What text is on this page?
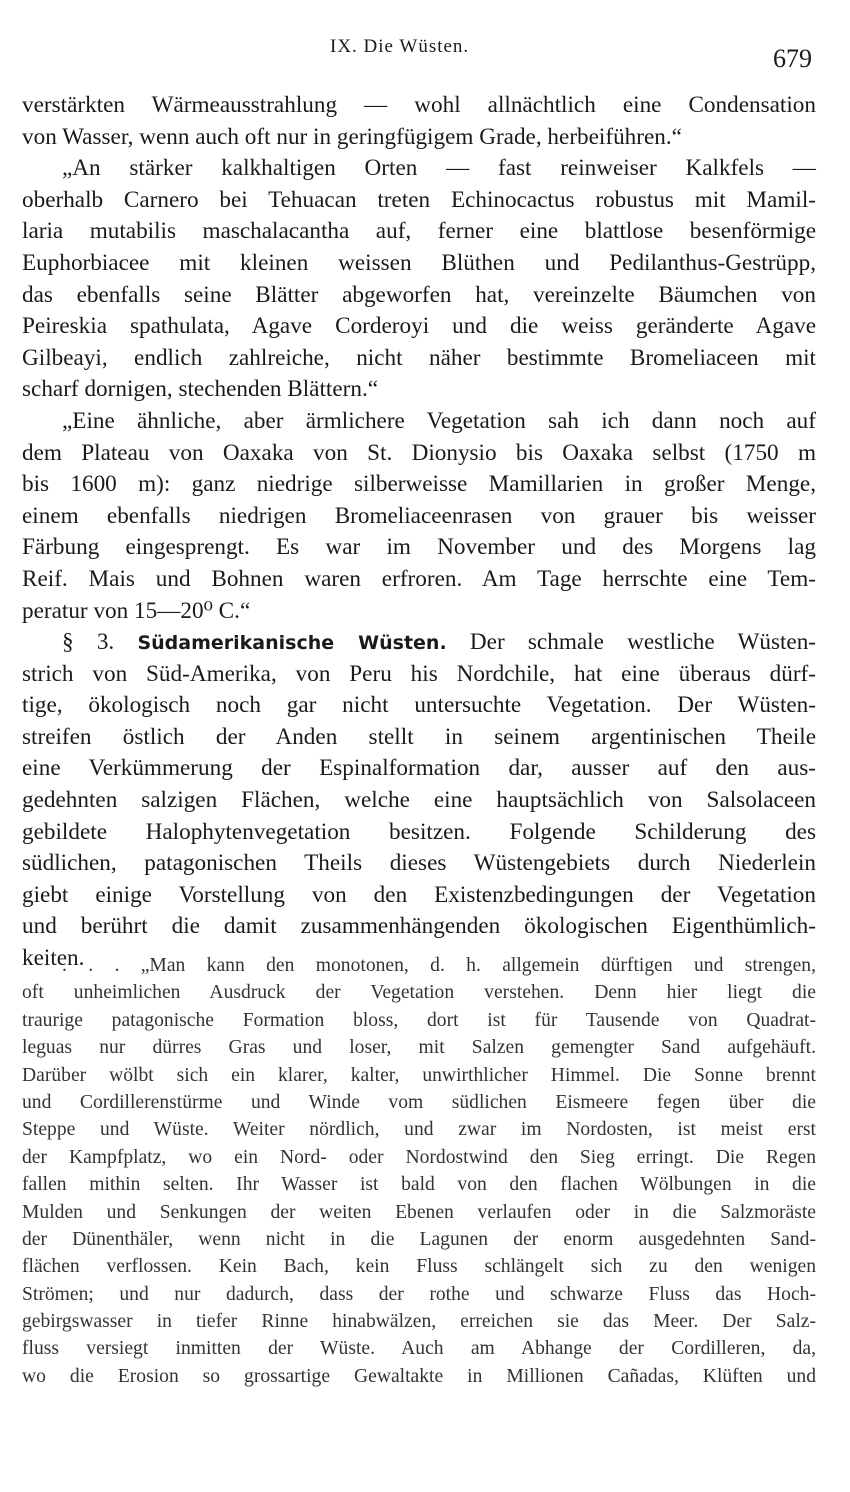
IX. Die Wüsten.	679
verstärkten Wärmeausstrahlung — wohl allnächtlich eine Condensation
von Wasser, wenn auch oft nur in geringfügigem Grade, herbeiführen.“
„An stärker kalkhaltigen Orten — fast reinweiser Kalkfels —
oberhalb Carnero bei Tehuacan treten Echinocactus robustus mit Mamil-
laria mutabilis maschalacantha auf, ferner eine blattlose besenförmige
Euphorbiacee mit kleinen weissen Blüthen und Pedilanthus-Gestrüpp,
das ebenfalls seine Blätter abgeworfen hat, vereinzelte Bäumchen von
Peireskia spathulata, Agave Corderoyi und die weiss geränderte Agave
Gilbeayi, endlich zahlreiche, nicht näher bestimmte Bromeliaceen mit
scharf dornigen, stechenden Blättern.“
„Eine ähnliche, aber ärmlichere Vegetation sah ich dann noch auf
dem Plateau von Oaxaka von St. Dionysio bis Oaxaka selbst (1750 m
bis 1600 m): ganz niedrige silberweisse Mamillarien in großer Menge,
einem ebenfalls niedrigen Bromeliaceenrasen von grauer bis weisser
Färbung eingesprengt. Es war im November und des Morgens lag
Reif. Mais und Bohnen waren erfroren. Am Tage herrschte eine Tem-
peratur von 15—20⁰ C.“
§ 3. Südamerikanische Wüsten. Der schmale westliche Wüsten-
strich von Süd-Amerika, von Peru his Nordchile, hat eine überaus dürf-
tige, ökologisch noch gar nicht untersuchte Vegetation. Der Wüsten-
streifen östlich der Anden stellt in seinem argentinischen Theile
eine Verkümmerung der Espinalformation dar, ausser auf den aus-
gedehnten salzigen Flächen, welche eine hauptsächlich von Salsolaceen
gebildete Halophytenvegetation besitzen. Folgende Schilderung des
südlichen, patagonischen Theils dieses Wüstengebiets durch Niederlein
giebt einige Vorstellung von den Existenzbedingungen der Vegetation
und berührt die damit zusammenhängenden ökologischen Eigenthümlich-
keiten.
. . . „Man kann den monotonen, d. h. allgemein dürftigen und strengen,
oft unheimlichen Ausdruck der Vegetation verstehen. Denn hier liegt die
traurige patagonische Formation bloss, dort ist für Tausende von Quadrat-
leguas nur dürres Gras und loser, mit Salzen gemengter Sand aufgehäuft.
Darüber wölbt sich ein klarer, kalter, unwirthlicher Himmel. Die Sonne brennt
und Cordillerenstürme und Winde vom südlichen Eismeere fegen über die
Steppe und Wüste. Weiter nördlich, und zwar im Nordosten, ist meist erst
der Kampfplatz, wo ein Nord- oder Nordostwind den Sieg erringt. Die Regen
fallen mithin selten. Ihr Wasser ist bald von den flachen Wölbungen in die
Mulden und Senkungen der weiten Ebenen verlaufen oder in die Salzmoräste
der Dünenthäler, wenn nicht in die Lagunen der enorm ausgedehnten Sand-
flächen verflossen. Kein Bach, kein Fluss schlängelt sich zu den wenigen
Strömen; und nur dadurch, dass der rothe und schwarze Fluss das Hoch-
gebirgswasser in tiefer Rinne hinabwälzen, erreichen sie das Meer. Der Salz-
fluss versiegt inmitten der Wüste. Auch am Abhange der Cordilleren, da,
wo die Erosion so grossartige Gewaltakte in Millionen Cañadas, Klüften und
